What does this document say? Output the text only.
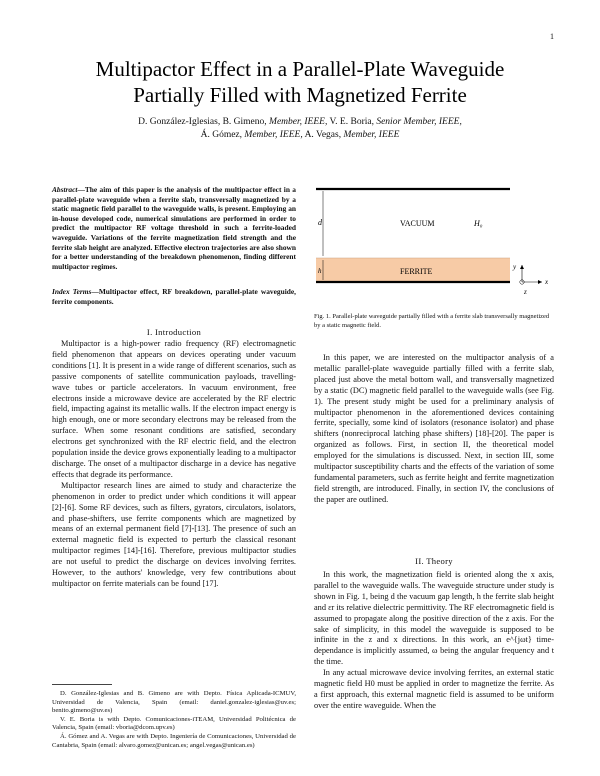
1
Multipactor Effect in a Parallel-Plate Waveguide
Partially Filled with Magnetized Ferrite
D. González-Iglesias, B. Gimeno, Member, IEEE, V. E. Boria, Senior Member, IEEE,
Á. Gómez, Member, IEEE, A. Vegas, Member, IEEE
Abstract—The aim of this paper is the analysis of the multipactor effect in a parallel-plate waveguide when a ferrite slab, transversally magnetized by a static magnetic field parallel to the waveguide walls, is present. Employing an in-house developed code, numerical simulations are performed in order to predict the multipactor RF voltage threshold in such a ferrite-loaded waveguide. Variations of the ferrite magnetization field strength and the ferrite slab height are analyzed. Effective electron trajectories are also shown for a better understanding of the breakdown phenomenon, finding different multipactor regimes.
Index Terms—Multipactor effect, RF breakdown, parallel-plate waveguide, ferrite components.
I. Introduction

Multipactor is a high-power radio frequency (RF) electromagnetic field phenomenon that appears on devices operating under vacuum conditions [1]. It is present in a wide range of different scenarios, such as passive components of satellite communication payloads, travelling-wave tubes or particle accelerators. In vacuum environment, free electrons inside a microwave device are accelerated by the RF electric field, impacting against its metallic walls. If the electron impact energy is high enough, one or more secondary electrons may be released from the surface. When some resonant conditions are satisfied, secondary electrons get synchronized with the RF electric field, and the electron population inside the device grows exponentially leading to a multipactor discharge. The onset of a multipactor discharge in a device has negative effects that degrade its performance.

Multipactor research lines are aimed to study and characterize the phenomenon in order to predict under which conditions it will appear [2]-[6]. Some RF devices, such as filters, gyrators, circulators, isolators, and phase-shifters, use ferrite components which are magnetized by means of an external permanent field [7]-[13]. The presence of such an external magnetic field is expected to perturb the classical resonant multipactor regimes [14]-[16]. Therefore, previous multipactor studies are not useful to predict the discharge on devices involving ferrites. However, to the authors' knowledge, very few contributions about multipactor on ferrite materials can be found [17].

D. González-Iglesias and B. Gimeno are with Depto. Física Aplicada-ICMUV, Universidad de Valencia, Spain (email: daniel.gonzalez-iglesias@uv.es; benito.gimeno@uv.es)

V. E. Boria is with Depto. Comunicaciones-iTEAM, Universidad Politécnica de Valencia, Spain (email: vboria@dcom.upv.es)

Á. Gómez and A. Vegas are with Depto. Ingeniería de Comunicaciones, Universidad de Cantabria, Spain (email: alvaro.gomez@unican.es; angel.vegas@unican.es)

d
h
VACUUM	H₀
FERRITE
x
y
z
Fig. 1. Parallel-plate waveguide partially filled with a ferrite slab transversally magnetized by a static magnetic field.

In this paper, we are interested on the multipactor analysis of a metallic parallel-plate waveguide partially filled with a ferrite slab, placed just above the metal bottom wall, and transversally magnetized by a static (DC) magnetic field parallel to the waveguide walls (see Fig. 1). The present study might be used for a preliminary analysis of multipactor phenomenon in the aforementioned devices containing ferrite, specially, some kind of isolators (resonance isolator) and phase shifters (nonreciprocal latching phase shifters) [18]-[20]. The paper is organized as follows. First, in section II, the theoretical model employed for the simulations is discussed. Next, in section III, some multipactor susceptibility charts and the effects of the variation of some fundamental parameters, such as ferrite height and ferrite magnetization field strength, are introduced. Finally, in section IV, the conclusions of the paper are outlined.

II. Theory

In this work, the magnetization field is oriented along the x axis, parallel to the waveguide walls. The waveguide structure under study is shown in Fig. 1, being d the vacuum gap length, h the ferrite slab height and εr its relative dielectric permittivity. The RF electromagnetic field is assumed to propagate along the positive direction of the z axis. For the sake of simplicity, in this model the waveguide is supposed to be infinite in the z and x directions. In this work, an e^{jωt} time-dependance is implicitly assumed, ω being the angular frequency and t the time.

In any actual microwave device involving ferrites, an external static magnetic field H0 must be applied in order to magnetize the ferrite. As a first approach, this external magnetic field is assumed to be uniform over the entire waveguide. When the
